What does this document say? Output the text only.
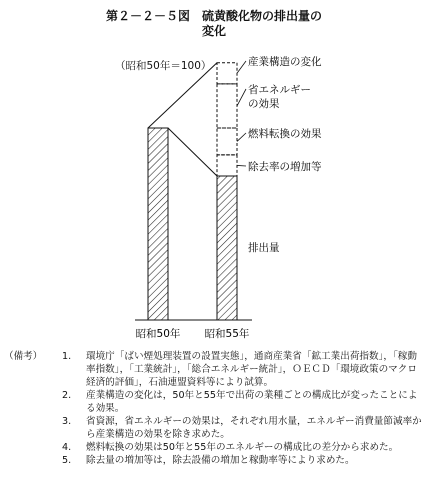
第２－２－５図　硫黄酸化物の排出量の
変化
（昭和50年＝100）
昭和50年 昭和55年
産業構造の変化
省エネルギー
の効果
燃料転換の効果
除去率の増加等
排出量
（備考） 1. 環境庁「ばい煙処理装置の設置実態」，通商産業省「鉱工業出荷指数」，「稼動率指数」，「工業統計」，「総合エネルギー統計」，ＯＥＣＤ「環境政策のマクロ経済的評価」，石油連盟資料等により試算。
2. 産業構造の変化は，50年と55年で出荷の業種ごとの構成比が変ったことによる効果。
3. 省資源，省エネルギーの効果は，それぞれ用水量，エネルギー消費量節減率から産業構造の効果を除き求めた。
4. 燃料転換の効果は50年と55年のエネルギーの構成比の差分から求めた。
5. 除去量の増加等は，除去設備の増加と稼動率等により求めた。
